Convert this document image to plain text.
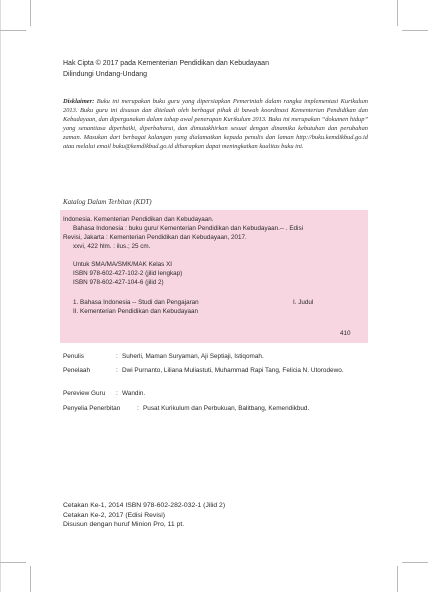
Hak Cipta © 2017 pada Kementerian Pendidikan dan Kebudayaan
Dilindungi Undang-Undang
Disklaimer: Buku ini merupakan buku guru yang dipersiapkan Pemerintah dalam rangka implementasi Kurikulum 2013. Buku guru ini disusun dan ditelaah oleh berbagai pihak di bawah koordinasi Kementerian Pendidikan dan Kebudayaan, dan dipergunakan dalam tahap awal penerapan Kurikulum 2013. Buku ini merupakan “dokumen hidup” yang senantiasa diperbaiki, diperbaharui, dan dimutakhirkan sesuai dengan dinamika kebutuhan dan perubahan zaman. Masukan dari berbagai kalangan yang dialamatkan kepada penulis dan laman http://buku.kemdikbud.go.id atau melalui email buku@kemdikbud.go.id diharapkan dapat meningkatkan kualitas buku ini.
Katalog Dalam Terbitan (KDT)
Indonesia. Kementerian Pendidikan dan Kebudayaan.
Bahasa Indonesia : buku guru/ Kementerian Pendidikan dan Kebudayaan.-- . Edisi
Revisi, Jakarta : Kementerian Pendidikan dan Kebudayaan, 2017.
xxvi, 422 hlm. : ilus.; 25 cm.
Untuk SMA/MA/SMK/MAK Kelas XI
ISBN 978-602-427-102-2 (jilid lengkap)
ISBN 978-602-427-104-6 (jilid 2)
1. Bahasa Indonesia -- Studi dan Pengajaran	I. Judul
II. Kementerian Pendidikan dan Kebudayaan
410
Penulis	: Suherli, Maman Suryaman, Aji Septiaji, Istiqomah.
Penelaah	: Dwi Purnanto, Liliana Muliastuti, Muhammad Rapi Tang, Felicia N. Utorodewo.
Pereview Guru : Wandin.
Penyelia Penerbitan	: Pusat Kurikulum dan Perbukuan, Balitbang, Kemendikbud.
Cetakan Ke-1, 2014 ISBN 978-602-282-032-1 (Jilid 2)
Cetakan Ke-2, 2017 (Edisi Revisi)
Disusun dengan huruf Minion Pro, 11 pt.
